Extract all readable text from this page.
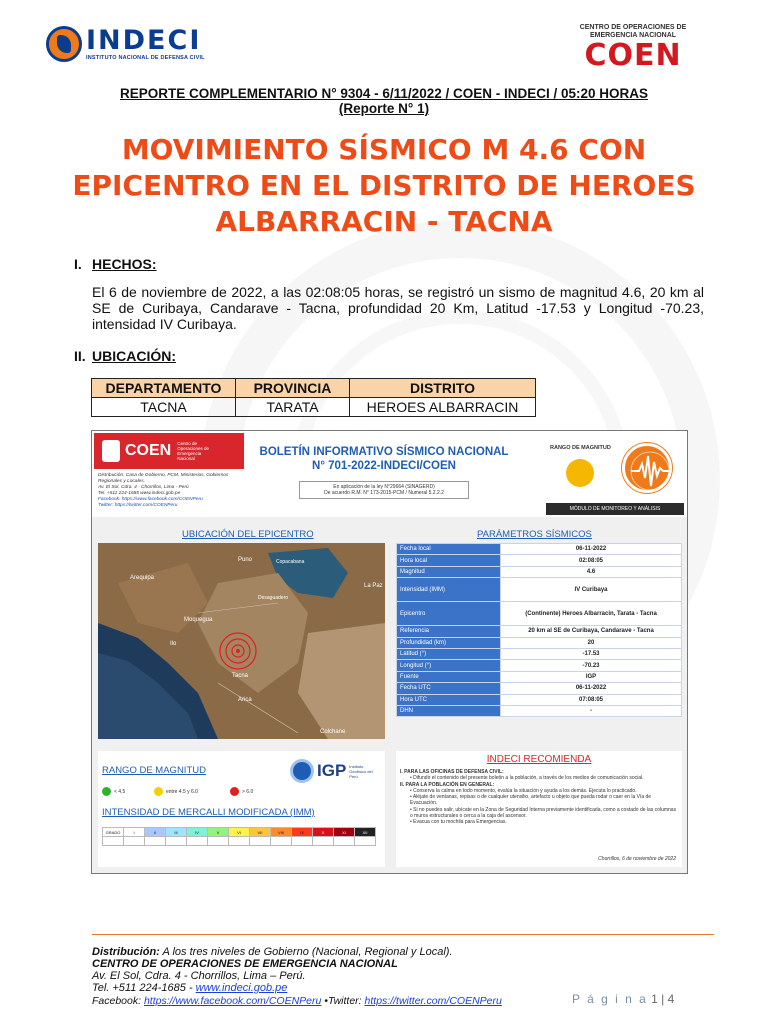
INDECI
INSTITUTO NACIONAL DE DEFENSA CIVIL
CENTRO DE OPERACIONES DE EMERGENCIA NACIONAL
COEN
REPORTE COMPLEMENTARIO N° 9304 - 6/11/2022 / COEN - INDECI / 05:20 HORAS
(Reporte N° 1)
MOVIMIENTO SÍSMICO M 4.6 CON EPICENTRO EN EL DISTRITO DE HEROES ALBARRACIN - TACNA
I. HECHOS:
El 6 de noviembre de 2022, a las 02:08:05 horas, se registró un sismo de magnitud 4.6, 20 km al SE de Curibaya, Candarave - Tacna, profundidad 20 Km, Latitud -17.53 y Longitud -70.23, intensidad IV Curibaya.
II. UBICACIÓN:
DEPARTAMENTO	PROVINCIA	DISTRITO
TACNA	TARATA	HEROES ALBARRACIN
COEN Centro de Operaciones de Emergencia Nacional
Distribución: Casa de Gobierno, PCM, Ministerios, Gobiernos Regionales y Locales.
Av. El Sol, Cdra. 4 - Chorrillos, Lima - Perú
Tel. +511 224-1685 www.indeci.gob.pe
Facebook: https://www.facebook.com/COENPeru
Twitter: https://twitter.com/COENPeru
BOLETÍN INFORMATIVO SÍSMICO NACIONAL
N° 701-2022-INDECI/COEN
En aplicación de la ley N°29664 (SINAGERD)
De acuerdo R.M. N° 173-2015-PCM / Numeral 5.2.2.2
RANGO DE MAGNITUD
MÓDULO DE MONITOREO Y ANÁLISIS
UBICACIÓN DEL EPICENTRO	PARÁMETROS SÍSMICOS
Puno
Arequipa
Copacabana
La Paz
Desaguadero
Moquegua
Ilo
Tacna
Arica
Colchane
Fecha local	06-11-2022
Hora local	02:08:05
Magnitud	4.6
Intensidad (IMM)	IV Curibaya
Epicentro	(Continente) Heroes Albarracin, Tarata - Tacna
Referencia	20 km al SE de Curibaya, Candarave - Tacna
Profundidad (km)	20
Latitud (°)	-17.53
Longitud (°)	-70.23
Fuente	IGP
Fecha UTC	06-11-2022
Hora UTC	07:08:05
DHN	-
RANGO DE MAGNITUD
< 4.5	entre 4.5 y 6.0	> 6.0
IGP Instituto Geofísico del Perú
INTENSIDAD DE MERCALLI MODIFICADA (IMM)
GRADO	I	II	III	IV	V	VI	VII	VIII	IX	X	XI	XII

INDECI RECOMIENDA
I. PARA LAS OFICINAS DE DEFENSA CIVIL:
• Difundir el contenido del presente boletín a la población, a través de los medios de comunicación social.
II. PARA LA POBLACIÓN EN GENERAL:
• Conserva la calma en todo momento, evalúa la situación y ayuda a los demás. Ejecuta lo practicado.
• Aléjate de ventanas, repisas o de cualquier utensilio, artefacto u objeto que pueda rodar o caer en la Vía de Evacuación.
• Si no puedes salir, ubícate en la Zona de Seguridad Interna previamente identificada, como a costado de las columnas o muros estructurales o cerca a la caja del ascensor.
• Evacua con tu mochila para Emergencias.
Chorrillos, 6 de noviembre de 2022
Distribución: A los tres niveles de Gobierno (Nacional, Regional y Local).
CENTRO DE OPERACIONES DE EMERGENCIA NACIONAL
Av. El Sol, Cdra. 4 - Chorrillos, Lima – Perú.
Tel. +511 224-1685 - www.indeci.gob.pe
Facebook: https://www.facebook.com/COENPeru •Twitter: https://twitter.com/COENPeru	P á g i n a 1 | 4
